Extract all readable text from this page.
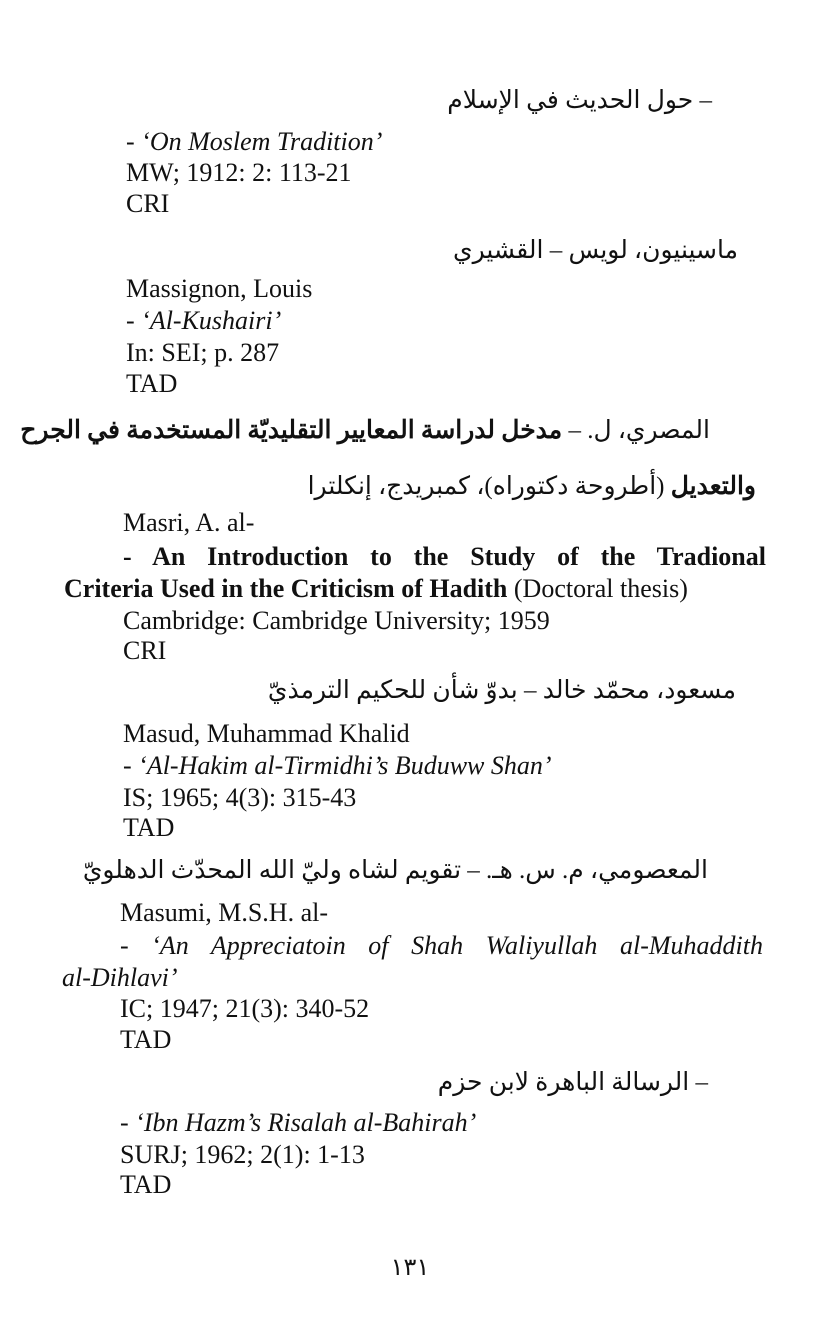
– حول الحديث في الإسلام
- ‘On Moslem Tradition’
MW; 1912: 2: 113-21
CRI
ماسينيون، لويس – القشيري
Massignon, Louis
- ‘Al-Kushairi’
In: SEI; p. 287
TAD
المصري، ل. – مدخل لدراسة المعايير التقليديّة المستخدمة في الجرح
والتعديل (أطروحة دكتوراه)، كمبريدج، إنكلترا
Masri, A. al-
- An Introduction to the Study of the Tradional
Criteria Used in the Criticism of Hadith (Doctoral thesis)
Cambridge: Cambridge University; 1959
CRI
مسعود، محمّد خالد – بدوّ شأن للحكيم الترمذيّ
Masud, Muhammad Khalid
- ‘Al-Hakim al-Tirmidhi’s Buduww Shan’
IS; 1965; 4(3): 315-43
TAD
المعصومي، م. س. هـ. – تقويم لشاه وليّ الله المحدّث الدهلويّ
Masumi, M.S.H. al-
- ‘An Appreciatoin of Shah Waliyullah al-Muhaddith
al-Dihlavi’
IC; 1947; 21(3): 340-52
TAD
– الرسالة الباهرة لابن حزم
- ‘Ibn Hazm’s Risalah al-Bahirah’
SURJ; 1962; 2(1): 1-13
TAD
١٣١
